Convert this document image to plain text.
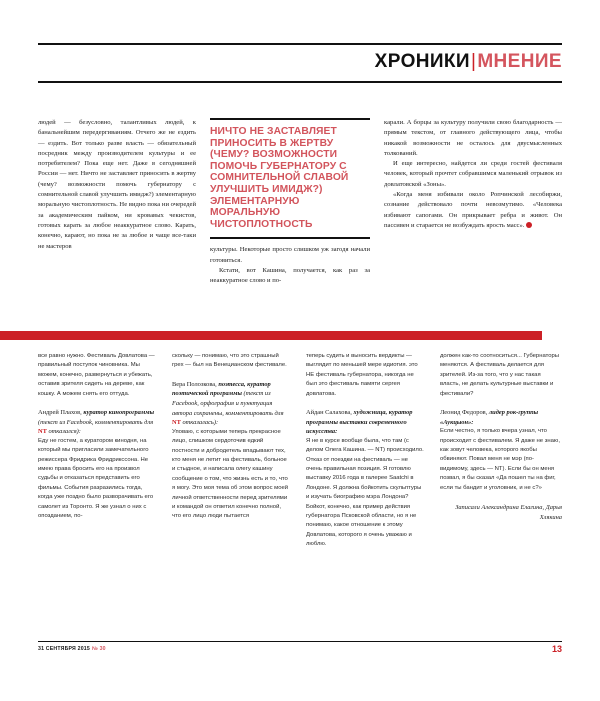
ХРОНИКИ|МНЕНИЕ

людей — безусловно, талантливых людей, к банальнейшим передергиваниям. Отчего же не ездить — ездить. Вот только разве власть — обязательный посредник между производителем культуры и ее потребителем? Пока еще нет. Даже в сегодняшней России — нет. Ничто не заставляет приносить в жертву (чему? возможности помочь губернатору с сомнительной славой улучшить имидж?) элементарную моральную чистоплотность. Не видно пока ни очередей за академическим пайком, ни кровавых чекистов, готовых карать за любое неаккуратное слово. Карать, конечно, карают, но пока не за любое и чаще все-таки не мастеров

НИЧТО НЕ ЗАСТАВЛЯЕТ ПРИНОСИТЬ В ЖЕРТВУ (ЧЕМУ? ВОЗМОЖНОСТИ ПОМОЧЬ ГУБЕРНАТОРУ С СОМНИТЕЛЬНОЙ СЛАВОЙ УЛУЧШИТЬ ИМИДЖ?) ЭЛЕМЕНТАРНУЮ МОРАЛЬНУЮ ЧИСТОПЛОТНОСТЬ

культуры. Некоторые просто слишком уж загодя начали готовиться.

Кстати, вот Кашина, получается, как раз за неаккуратное слово и по-

карали. А борцы за культуру получили свою благодарность — прямым текстом, от главного действующего лица, чтобы никакой возможности не осталось для двусмысленных толкований.

И еще интересно, найдется ли среди гостей фестиваля человек, который прочтет собравшимся маленький отрывок из довлатовской «Зоны».

«Когда меня избивали около Ропчинской лесобиржи, сознание действовало почти невозмутимо. «Человека избивают сапогами. Он прикрывает ребра и живот. Он пассивен и старается не возбуждать ярость масс».

все равно нужно. Фестиваль Довлатова — правильный поступок чиновника. Мы можем, конечно, развернуться и убежать, оставив зрителя сидеть на дереве, как кошку. А можем снять его оттуда.

Андрей Плахов, куратор кинопрограммы (текст из Facebook, комментировать для NT отказался):

Еду не гостем, а куратором кинодня, на который мы пригласили замечательного режиссера Фридрика Фридрикссона. Не имею права бросить его на произвол судьбы и отказаться представить его фильмы. События разразились тогда, когда уже поздно было разворачивать его самолет из Торонто. Я же узнал о них с опозданием, по-

скольку — понимаю, что это страшный грех — был на Венецианском фестивале.

Вера Полозкова, поэтесса, куратор поэтической программы (текст из Facebook, орфография и пунктуация автора сохранены, комментировать для NT отказалась):

Уповаю, с которыми теперь прекрасное лицо, слишком сердоточив едкий постности и добродетель впадывают тех, кто меня не летит на фестиваль, больное и стыдное, и написала олегу кашину сообщение о том, что жизнь есть и то, что я могу. Это моя тема об этом вопрос моей личной ответственности перед зрителями и командой он ответил конечно полной, что его лицо люди пытается

теперь судить и выносить вердикты — выглядит по меньшей мере идиотия. это НЕ фестиваль губернатора, никогда не был это фестиваль памяти сергея довлатова.

Айдан Салахова, художница, куратор программы выставки современного искусства:

Я не в курсе вообще была, что там (с делом Олега Кашина. — NT) происходило. Отказ от поездки на фестиваль — не очень правильная позиция. Я готовлю выставку 2016 года в галерее Saatchi в Лондоне. Я должна бойкотить скульптуры и изучать биографию мэра Лондона? Бойкот, конечно, как пример действия губернатора Псковской области, но я не понимаю, какое отношение к этому Довлатова, которого я очень уважаю и люблю.

должен как-то соотноситься... Губернаторы меняются. А фестиваль делается для зрителей. Из-за того, что у нас такая власть, не делать культурные выставки и фестивали?

Леонид Федоров, лидер рок-группы «Аукцыон»:

Если честно, я только вчера узнал, что происходит с фестивалем. Я даже не знаю, как зовут человека, которого якобы обвиняют. Повал меня не мэр (по-видимому, здесь — NT). Если бы он меня позвал, я бы сказал «Да пошел ты на фиг, если ты бандит и уголовник, и не с?»

Записали Александрина Елагина, Дарья Хлякина
31 СЕНТЯБРЯ 2015 № 30	13
